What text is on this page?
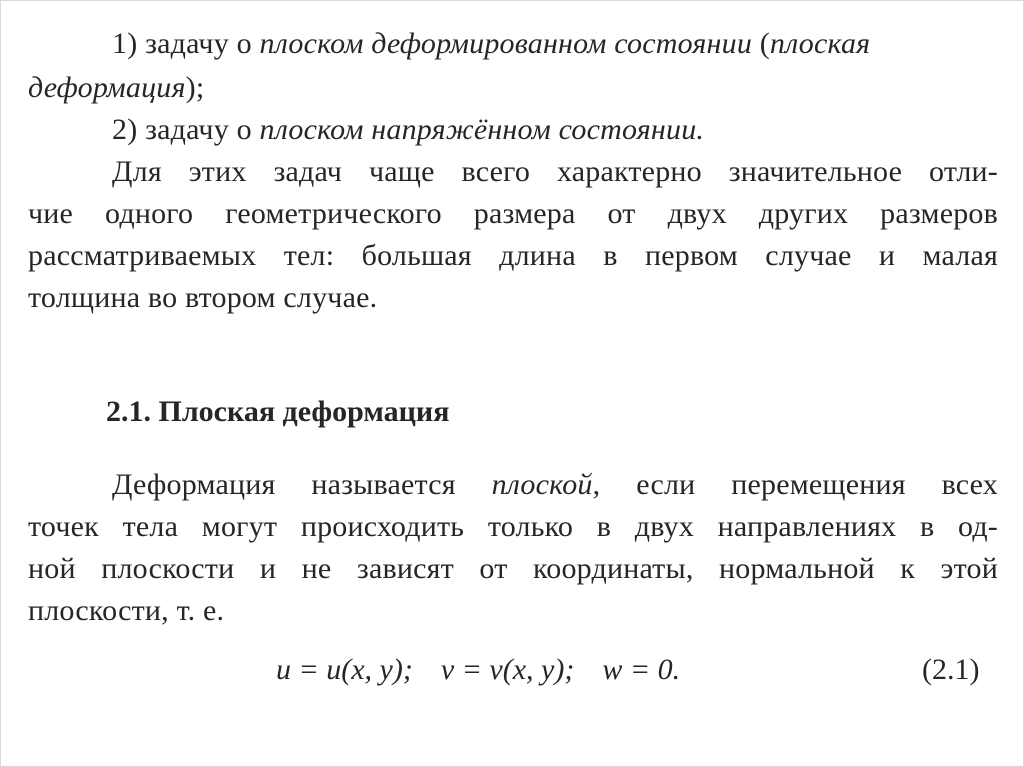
1) задачу о плоском деформированном состоянии (плоская
деформация);
2) задачу о плоском напряжённом состоянии.
Для этих задач чаще всего характерно значительное отли-
чие одного геометрического размера от двух других размеров
рассматриваемых тел: большая длина в первом случае и малая
толщина во втором случае.
2.1. Плоская деформация
Деформация называется плоской, если перемещения всех
точек тела могут происходить только в двух направлениях в од-
ной плоскости и не зависят от координаты, нормальной к этой
плоскости, т. е.
u = u(x, y); v = v(x, y); w = 0.	(2.1)
